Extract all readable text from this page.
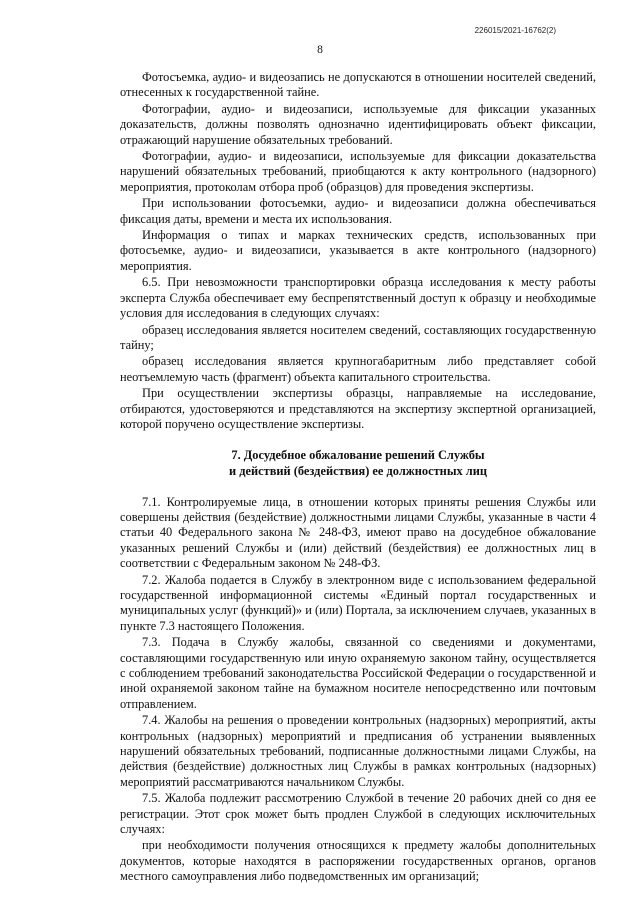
226015/2021-16762(2)
8

Фотосъемка, аудио- и видеозапись не допускаются в отношении носителей сведений, отнесенных к государственной тайне.

Фотографии, аудио- и видеозаписи, используемые для фиксации указанных доказательств, должны позволять однозначно идентифицировать объект фиксации, отражающий нарушение обязательных требований.

Фотографии, аудио- и видеозаписи, используемые для фиксации доказательства нарушений обязательных требований, приобщаются к акту контрольного (надзорного) мероприятия, протоколам отбора проб (образцов) для проведения экспертизы.

При использовании фотосъемки, аудио- и видеозаписи должна обеспечиваться фиксация даты, времени и места их использования.

Информация о типах и марках технических средств, использованных при фотосъемке, аудио- и видеозаписи, указывается в акте контрольного (надзорного) мероприятия.

6.5. При невозможности транспортировки образца исследования к месту работы эксперта Служба обеспечивает ему беспрепятственный доступ к образцу и необходимые условия для исследования в следующих случаях:

образец исследования является носителем сведений, составляющих государственную тайну;

образец исследования является крупногабаритным либо представляет собой неотъемлемую часть (фрагмент) объекта капитального строительства.

При осуществлении экспертизы образцы, направляемые на исследование, отбираются, удостоверяются и представляются на экспертизу экспертной организацией, которой поручено осуществление экспертизы.

7. Досудебное обжалование решений Службы
и действий (бездействия) ее должностных лиц

7.1. Контролируемые лица, в отношении которых приняты решения Службы или совершены действия (бездействие) должностными лицами Службы, указанные в части 4 статьи 40 Федерального закона № 248-ФЗ, имеют право на досудебное обжалование указанных решений Службы и (или) действий (бездействия) ее должностных лиц в соответствии с Федеральным законом № 248-ФЗ.

7.2. Жалоба подается в Службу в электронном виде с использованием федеральной государственной информационной системы «Единый портал государственных и муниципальных услуг (функций)» и (или) Портала, за исключением случаев, указанных в пункте 7.3 настоящего Положения.

7.3. Подача в Службу жалобы, связанной со сведениями и документами, составляющими государственную или иную охраняемую законом тайну, осуществляется с соблюдением требований законодательства Российской Федерации о государственной и иной охраняемой законом тайне на бумажном носителе непосредственно или почтовым отправлением.

7.4. Жалобы на решения о проведении контрольных (надзорных) мероприятий, акты контрольных (надзорных) мероприятий и предписания об устранении выявленных нарушений обязательных требований, подписанные должностными лицами Службы, на действия (бездействие) должностных лиц Службы в рамках контрольных (надзорных) мероприятий рассматриваются начальником Службы.

7.5. Жалоба подлежит рассмотрению Службой в течение 20 рабочих дней со дня ее регистрации. Этот срок может быть продлен Службой в следующих исключительных случаях:

при необходимости получения относящихся к предмету жалобы дополнительных документов, которые находятся в распоряжении государственных органов, органов местного самоуправления либо подведомственных им организаций;
